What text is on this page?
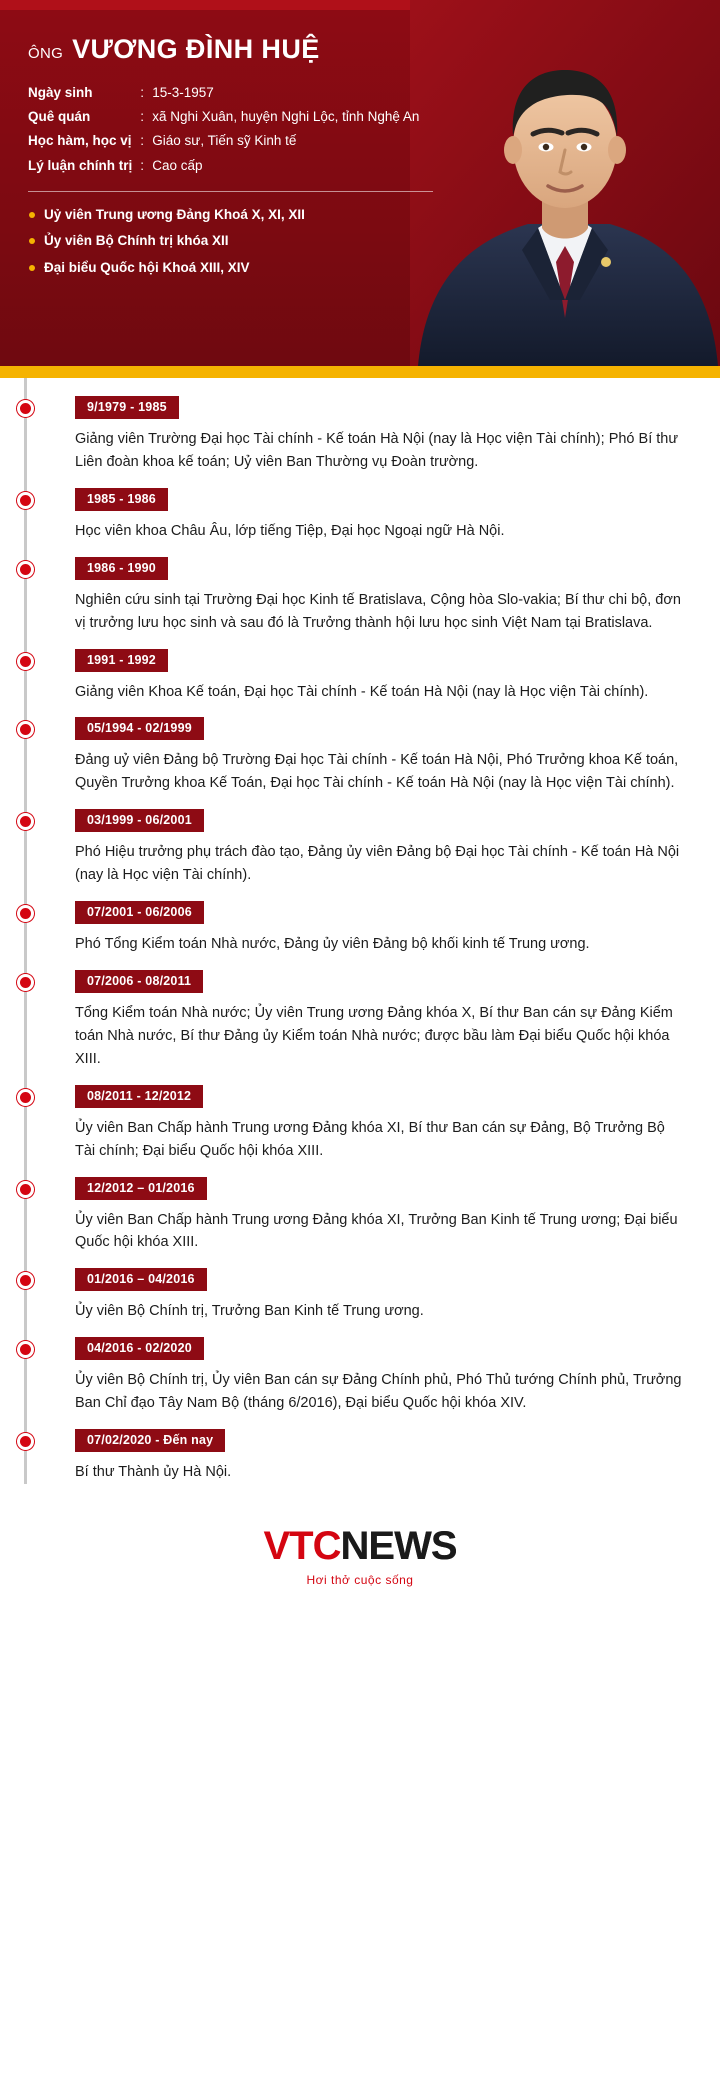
ÔNG VƯƠNG ĐÌNH HUỆ
Ngày sinh	:	15-3-1957
Quê quán	:	xã Nghi Xuân, huyện Nghi Lộc, tỉnh Nghệ An
Học hàm, học vị	:	Giáo sư, Tiến sỹ Kinh tế
Lý luận chính trị	:	Cao cấp
Uỷ viên Trung ương Đảng Khoá X, XI, XII
Ủy viên Bộ Chính trị khóa XII
Đại biểu Quốc hội Khoá XIII, XIV
9/1979 - 1985
Giảng viên Trường Đại học Tài chính - Kế toán Hà Nội (nay là Học viện Tài chính); Phó Bí thư Liên đoàn khoa kế toán; Uỷ viên Ban Thường vụ Đoàn trường.
1985 - 1986
Học viên khoa Châu Âu, lớp tiếng Tiệp, Đại học Ngoại ngữ Hà Nội.
1986 - 1990
Nghiên cứu sinh tại Trường Đại học Kinh tế Bratislava, Cộng hòa Slo-vakia; Bí thư chi bộ, đơn vị trưởng lưu học sinh và sau đó là Trưởng thành hội lưu học sinh Việt Nam tại Bratislava.
1991 - 1992
Giảng viên Khoa Kế toán, Đại học Tài chính - Kế toán Hà Nội (nay là Học viện Tài chính).
05/1994 - 02/1999
Đảng uỷ viên Đảng bộ Trường Đại học Tài chính - Kế toán Hà Nội, Phó Trưởng khoa Kế toán, Quyền Trưởng khoa Kế Toán, Đại học Tài chính - Kế toán Hà Nội (nay là Học viện Tài chính).
03/1999 - 06/2001
Phó Hiệu trưởng phụ trách đào tạo, Đảng ủy viên Đảng bộ Đại học Tài chính - Kế toán Hà Nội (nay là Học viện Tài chính).
07/2001 - 06/2006
Phó Tổng Kiểm toán Nhà nước, Đảng ủy viên Đảng bộ khối kinh tế Trung ương.
07/2006 - 08/2011
Tổng Kiểm toán Nhà nước; Ủy viên Trung ương Đảng khóa X, Bí thư Ban cán sự Đảng Kiểm toán Nhà nước, Bí thư Đảng ủy Kiểm toán Nhà nước; được bầu làm Đại biểu Quốc hội khóa XIII.
08/2011 - 12/2012
Ủy viên Ban Chấp hành Trung ương Đảng khóa XI, Bí thư Ban cán sự Đảng, Bộ Trưởng Bộ Tài chính; Đại biểu Quốc hội khóa XIII.
12/2012 – 01/2016
Ủy viên Ban Chấp hành Trung ương Đảng khóa XI, Trưởng Ban Kinh tế Trung ương; Đại biểu Quốc hội khóa XIII.
01/2016 – 04/2016
Ủy viên Bộ Chính trị, Trưởng Ban Kinh tế Trung ương.
04/2016 - 02/2020
Ủy viên Bộ Chính trị, Ủy viên Ban cán sự Đảng Chính phủ, Phó Thủ tướng Chính phủ, Trưởng Ban Chỉ đạo Tây Nam Bộ (tháng 6/2016), Đại biểu Quốc hội khóa XIV.
07/02/2020 - Đến nay
Bí thư Thành ủy Hà Nội.
VTC NEWS
Hơi thở cuộc sống
